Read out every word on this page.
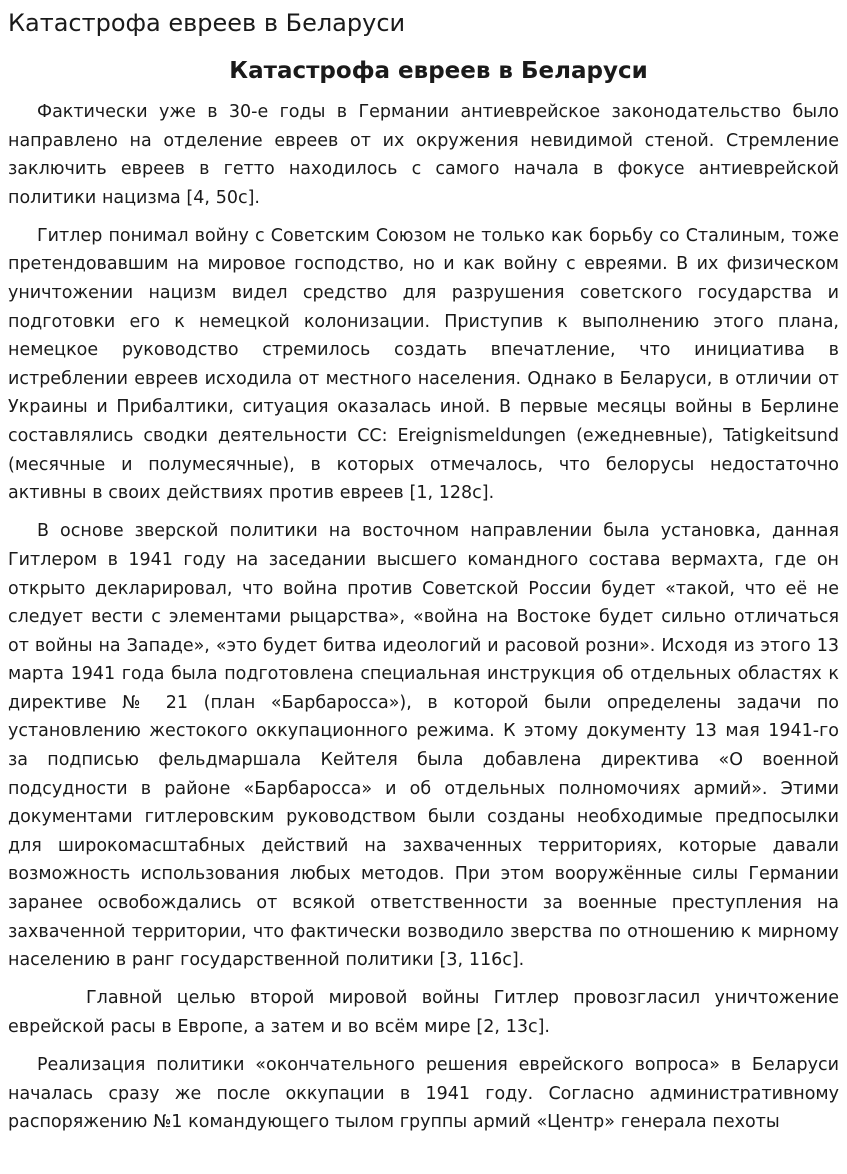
Катастрофа евреев в Беларуси
Катастрофа евреев в Беларуси

Фактически уже в 30-е годы в Германии антиеврейское законодательство было направлено на отделение евреев от их окружения невидимой стеной. Стремление заключить евреев в гетто находилось с самого начала в фокусе антиеврейской политики нацизма [4, 50с].

Гитлер понимал войну с Советским Союзом не только как борьбу со Сталиным, тоже претендовавшим на мировое господство, но и как войну с евреями. В их физическом уничтожении нацизм видел средство для разрушения советского государства и подготовки его к немецкой колонизации. Приступив к выполнению этого плана, немецкое руководство стремилось создать впечатление, что инициатива в истреблении евреев исходила от местного населения. Однако в Беларуси, в отличии от Украины и Прибалтики, ситуация оказалась иной. В первые месяцы войны в Берлине составлялись сводки деятельности СС: Ereignismeldungen (ежедневные), Tatigkeitsund (месячные и полумесячные), в которых отмечалось, что белорусы недостаточно активны в своих действиях против евреев [1, 128с].

В основе зверской политики на восточном направлении была установка, данная Гитлером в 1941 году на заседании высшего командного состава вермахта, где он открыто декларировал, что война против Советской России будет «такой, что её не следует вести с элементами рыцарства», «война на Востоке будет сильно отличаться от войны на Западе», «это будет битва идеологий и расовой розни». Исходя из этого 13 марта 1941 года была подготовлена специальная инструкция об отдельных областях к директиве № 21 (план «Барбаросса»), в которой были определены задачи по установлению жестокого оккупационного режима. К этому документу 13 мая 1941-го за подписью фельдмаршала Кейтеля была добавлена директива «О военной подсудности в районе «Барбаросса» и об отдельных полномочиях армий». Этими документами гитлеровским руководством были созданы необходимые предпосылки для широкомасштабных действий на захваченных территориях, которые давали возможность использования любых методов. При этом вооружённые силы Германии заранее освобождались от всякой ответственности за военные преступления на захваченной территории, что фактически возводило зверства по отношению к мирному населению в ранг государственной политики [3, 116с].

Главной целью второй мировой войны Гитлер провозгласил уничтожение еврейской расы в Европе, а затем и во всём мире [2, 13с].

Реализация политики «окончательного решения еврейского вопроса» в Беларуси началась сразу же после оккупации в 1941 году. Согласно административному распоряжению №1 командующего тылом группы армий «Центр» генерала пехоты
